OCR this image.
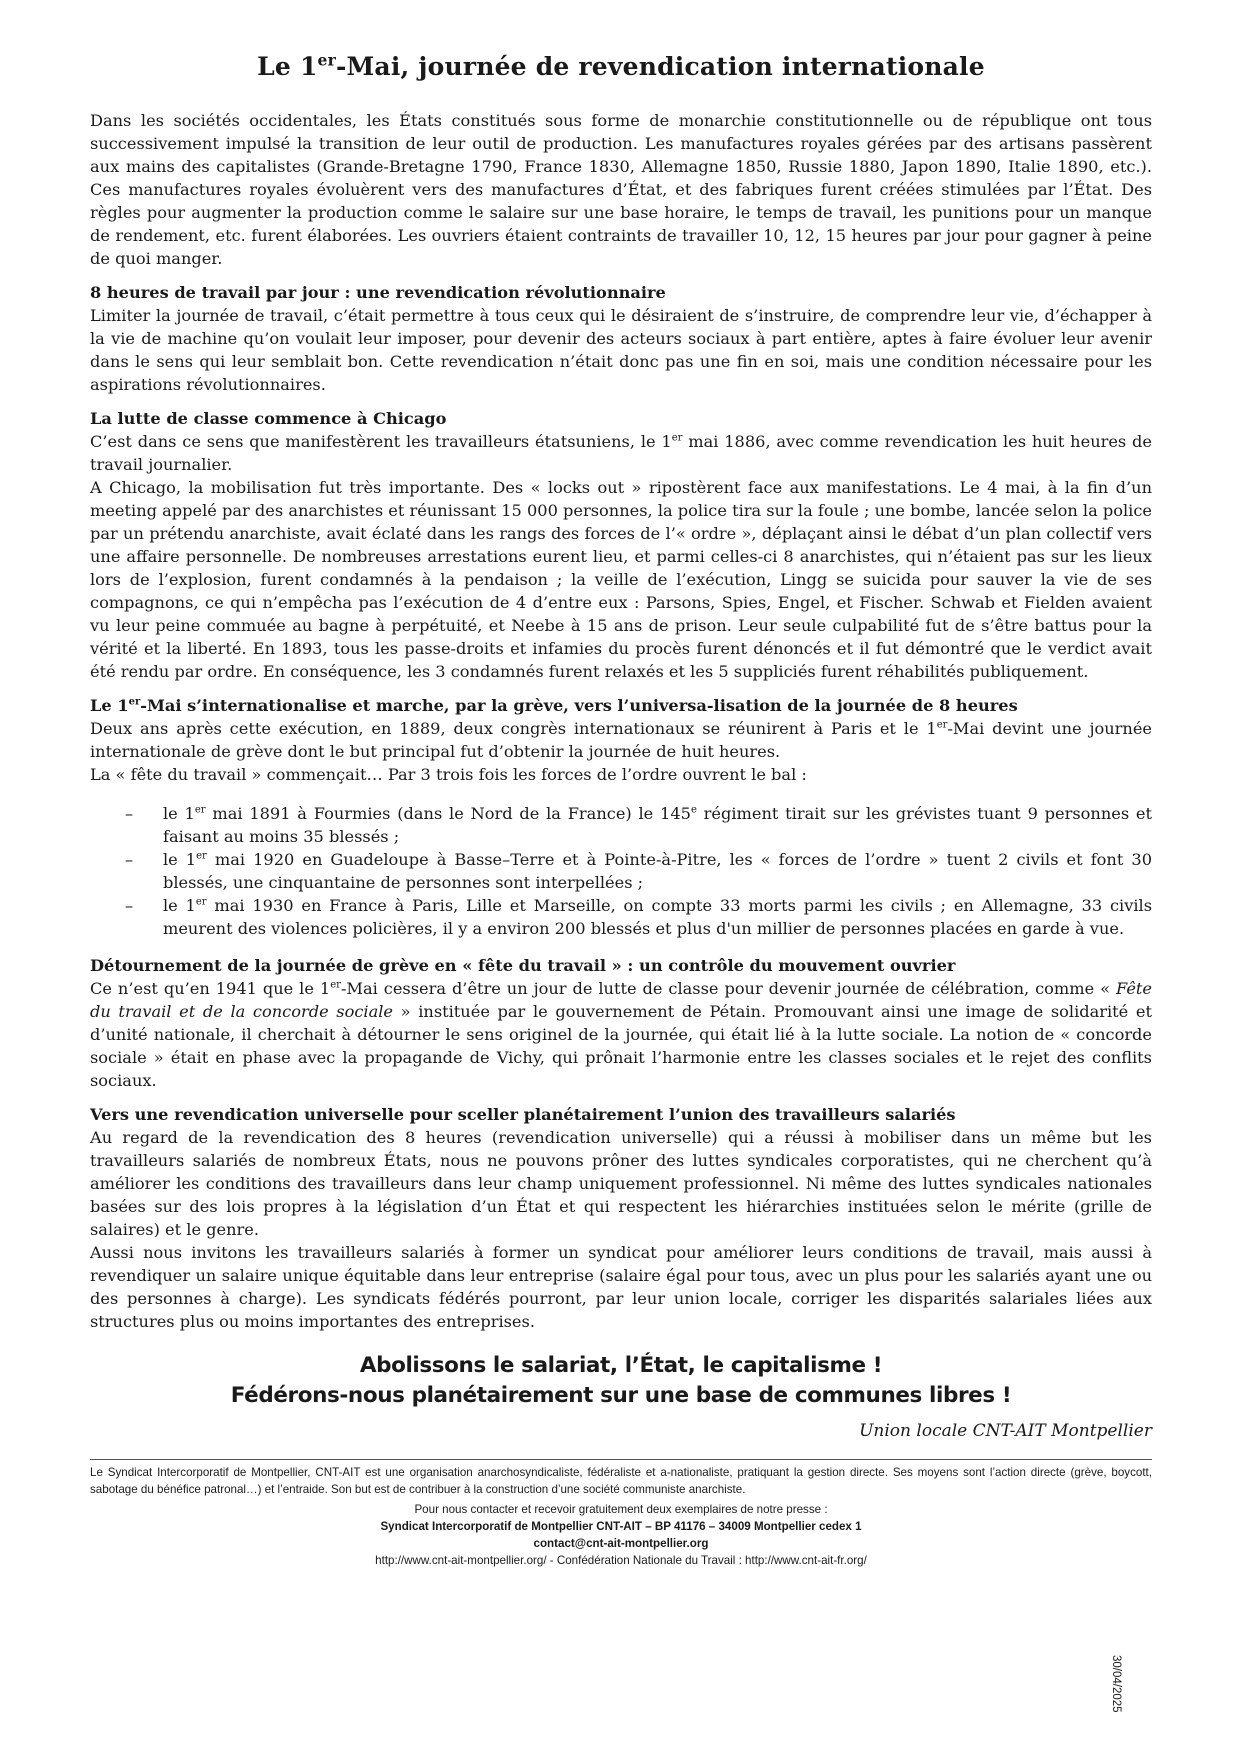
Le 1er-Mai, journée de revendication internationale

Dans les sociétés occidentales, les États constitués sous forme de monarchie constitutionnelle ou de république ont tous successivement impulsé la transition de leur outil de production. Les manufactures royales gérées par des artisans passèrent aux mains des capitalistes (Grande-Bretagne 1790, France 1830, Allemagne 1850, Russie 1880, Japon 1890, Italie 1890, etc.). Ces manufactures royales évoluèrent vers des manufactures d’État, et des fabriques furent créées stimulées par l’État. Des règles pour augmenter la production comme le salaire sur une base horaire, le temps de travail, les punitions pour un manque de rendement, etc. furent élaborées. Les ouvriers étaient contraints de travailler 10, 12, 15 heures par jour pour gagner à peine de quoi manger.

8 heures de travail par jour : une revendication révolutionnaire

Limiter la journée de travail, c’était permettre à tous ceux qui le désiraient de s’instruire, de comprendre leur vie, d’échapper à la vie de machine qu’on voulait leur imposer, pour devenir des acteurs sociaux à part entière, aptes à faire évoluer leur avenir dans le sens qui leur semblait bon. Cette revendication n’était donc pas une fin en soi, mais une condition nécessaire pour les aspirations révolutionnaires.

La lutte de classe commence à Chicago

C’est dans ce sens que manifestèrent les travailleurs étatsuniens, le 1er mai 1886, avec comme revendication les huit heures de travail journalier.

A Chicago, la mobilisation fut très importante. Des « locks out » ripostèrent face aux manifestations. Le 4 mai, à la fin d’un meeting appelé par des anarchistes et réunissant 15 000 personnes, la police tira sur la foule ; une bombe, lancée selon la police par un prétendu anarchiste, avait éclaté dans les rangs des forces de l’« ordre », déplaçant ainsi le débat d’un plan collectif vers une affaire personnelle. De nombreuses arrestations eurent lieu, et parmi celles-ci 8 anarchistes, qui n’étaient pas sur les lieux lors de l’explosion, furent condamnés à la pendaison ; la veille de l’exécution, Lingg se suicida pour sauver la vie de ses compagnons, ce qui n’empêcha pas l’exécution de 4 d’entre eux : Parsons, Spies, Engel, et Fischer. Schwab et Fielden avaient vu leur peine commuée au bagne à perpétuité, et Neebe à 15 ans de prison. Leur seule culpabilité fut de s’être battus pour la vérité et la liberté. En 1893, tous les passe-droits et infamies du procès furent dénoncés et il fut démontré que le verdict avait été rendu par ordre. En conséquence, les 3 condamnés furent relaxés et les 5 suppliciés furent réhabilités publiquement.

Le 1er-Mai s’internationalise et marche, par la grève, vers l’universa-lisation de la journée de 8 heures

Deux ans après cette exécution, en 1889, deux congrès internationaux se réunirent à Paris et le 1er-Mai devint une journée internationale de grève dont le but principal fut d’obtenir la journée de huit heures.

La « fête du travail » commençait… Par 3 trois fois les forces de l’ordre ouvrent le bal :

– le 1er mai 1891 à Fourmies (dans le Nord de la France) le 145e régiment tirait sur les grévistes tuant 9 personnes et faisant au moins 35 blessés ;
– le 1er mai 1920 en Guadeloupe à Basse–Terre et à Pointe-à-Pitre, les « forces de l’ordre » tuent 2 civils et font 30 blessés, une cinquantaine de personnes sont interpellées ;
– le 1er mai 1930 en France à Paris, Lille et Marseille, on compte 33 morts parmi les civils ; en Allemagne, 33 civils meurent des violences policières, il y a environ 200 blessés et plus d'un millier de personnes placées en garde à vue.

Détournement de la journée de grève en « fête du travail » : un contrôle du mouvement ouvrier

Ce n’est qu’en 1941 que le 1er-Mai cessera d’être un jour de lutte de classe pour devenir journée de célébration, comme « Fête du travail et de la concorde sociale » instituée par le gouvernement de Pétain. Promouvant ainsi une image de solidarité et d’unité nationale, il cherchait à détourner le sens originel de la journée, qui était lié à la lutte sociale. La notion de « concorde sociale » était en phase avec la propagande de Vichy, qui prônait l’harmonie entre les classes sociales et le rejet des conflits sociaux.

Vers une revendication universelle pour sceller planétairement l’union des travailleurs salariés

Au regard de la revendication des 8 heures (revendication universelle) qui a réussi à mobiliser dans un même but les travailleurs salariés de nombreux États, nous ne pouvons prôner des luttes syndicales corporatistes, qui ne cherchent qu’à améliorer les conditions des travailleurs dans leur champ uniquement professionnel. Ni même des luttes syndicales nationales basées sur des lois propres à la législation d’un État et qui respectent les hiérarchies instituées selon le mérite (grille de salaires) et le genre.

Aussi nous invitons les travailleurs salariés à former un syndicat pour améliorer leurs conditions de travail, mais aussi à revendiquer un salaire unique équitable dans leur entreprise (salaire égal pour tous, avec un plus pour les salariés ayant une ou des personnes à charge). Les syndicats fédérés pourront, par leur union locale, corriger les disparités salariales liées aux structures plus ou moins importantes des entreprises.

Abolissons le salariat, l’État, le capitalisme !
Fédérons-nous planétairement sur une base de communes libres !
Union locale CNT-AIT Montpellier

Le Syndicat Intercorporatif de Montpellier, CNT-AIT est une organisation anarchosyndicaliste, fédéraliste et a-nationaliste, pratiquant la gestion directe. Ses moyens sont l’action directe (grève, boycott, sabotage du bénéfice patronal…) et l’entraide. Son but est de contribuer à la construction d’une société communiste anarchiste.

Pour nous contacter et recevoir gratuitement deux exemplaires de notre presse :
Syndicat Intercorporatif de Montpellier CNT-AIT – BP 41176 – 34009 Montpellier cedex 1
contact@cnt-ait-montpellier.org
http://www.cnt-ait-montpellier.org/ - Confédération Nationale du Travail : http://www.cnt-ait-fr.org/
30/04/2025
